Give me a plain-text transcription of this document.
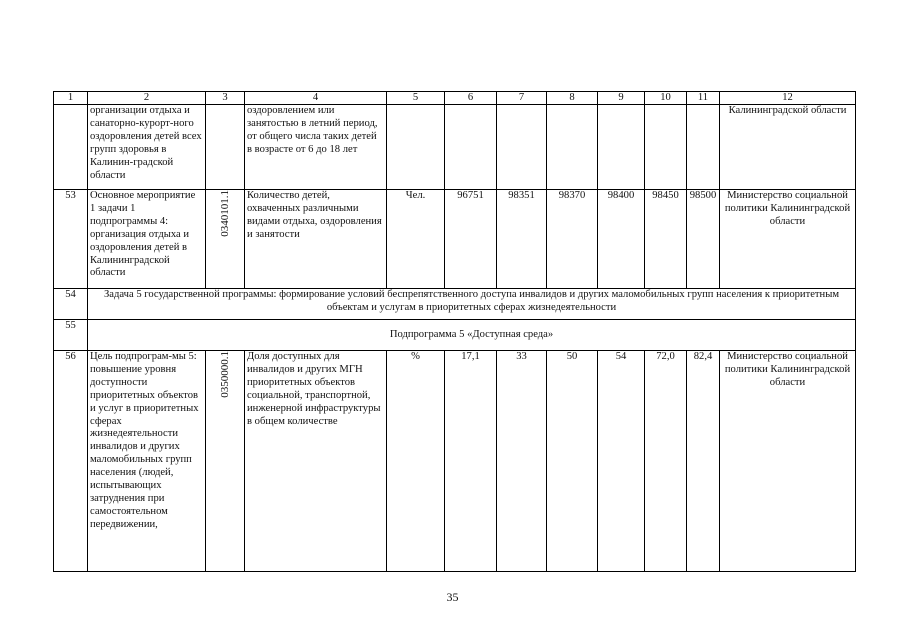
1	2	3	4	5	6	7	8	9	10	11	12
	организации отдыха и санаторно-курорт-ного оздоровления детей всех групп здоровья в Калинин-градской области		оздоровлением или занятостью в летний период, от общего числа таких детей в возрасте от 6 до 18 лет								Калининградской области
53	Основное мероприятие 1 задачи 1 подпрограммы 4: организация отдыха и оздоровления детей в Калининградской области	0340101.1	Количество детей, охваченных различными видами отдыха, оздоровления и занятости	Чел.	96751	98351	98370	98400	98450	98500	Министерство социальной политики Калининградской области
54	Задача 5 государственной программы: формирование условий беспрепятственного доступа инвалидов и других маломобильных групп населения к приоритетным объектам и услугам в приоритетных сферах жизнедеятельности										
55	Подпрограмма 5 «Доступная среда»										
56	Цель подпрограм-мы 5: повышение уровня доступности приоритетных объектов и услуг в приоритетных сферах жизнедеятельности инвалидов и других маломобильных групп населения (людей, испытывающих затруднения при самостоятельном передвижении,	0350000.1	Доля доступных для инвалидов и других МГН приоритетных объектов социальной, транспортной, инженерной инфраструктуры в общем количестве	%	17,1	33	50	54	72,0	82,4	Министерство социальной политики Калининградской области
35
